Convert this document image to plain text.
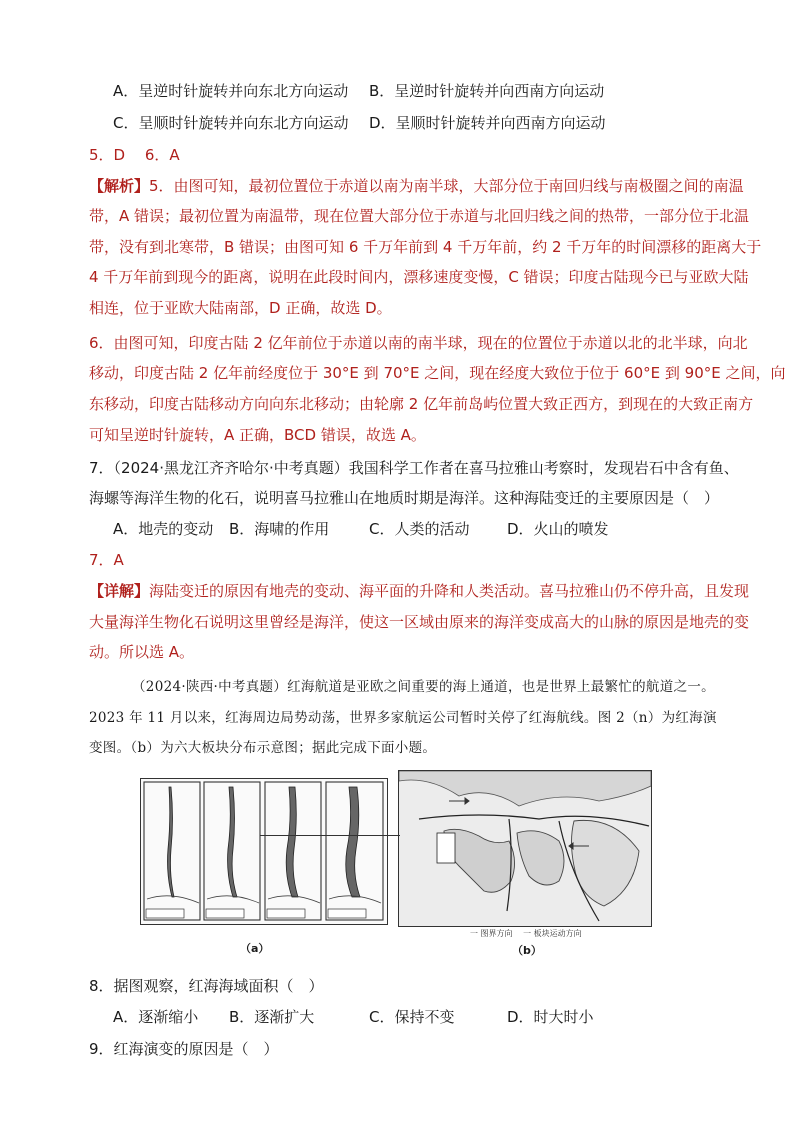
A．呈逆时针旋转并向东北方向运动 B．呈逆时针旋转并向西南方向运动
C．呈顺时针旋转并向东北方向运动 D．呈顺时针旋转并向西南方向运动
5．D　 6．A
【解析】5．由图可知，最初位置位于赤道以南为南半球，大部分位于南回归线与南极圈之间的南温
带，A 错误；最初位置为南温带，现在位置大部分位于赤道与北回归线之间的热带，一部分位于北温
带，没有到北寒带，B 错误；由图可知 6 千万年前到 4 千万年前，约 2 千万年的时间漂移的距离大于
4 千万年前到现今的距离，说明在此段时间内，漂移速度变慢，C 错误；印度古陆现今已与亚欧大陆
相连，位于亚欧大陆南部，D 正确，故选 D。
6．由图可知，印度古陆 2 亿年前位于赤道以南的南半球，现在的位置位于赤道以北的北半球，向北
移动，印度古陆 2 亿年前经度位于 30°E 到 70°E 之间，现在经度大致位于位于 60°E 到 90°E 之间，向
东移动，印度古陆移动方向向东北移动；由轮廓 2 亿年前岛屿位置大致正西方，到现在的大致正南方
可知呈逆时针旋转，A 正确，BCD 错误，故选 A。
7．（2024·黑龙江齐齐哈尔·中考真题）我国科学工作者在喜马拉雅山考察时，发现岩石中含有鱼、
海螺等海洋生物的化石，说明喜马拉雅山在地质时期是海洋。这种海陆变迁的主要原因是（　）
A．地壳的变动 B．海啸的作用	C．人类的活动	D．火山的喷发
7．A
【详解】海陆变迁的原因有地壳的变动、海平面的升降和人类活动。喜马拉雅山仍不停升高，且发现
大量海洋生物化石说明这里曾经是海洋，使这一区域由原来的海洋变成高大的山脉的原因是地壳的变
动。所以选 A。
（2024·陕西·中考真题）红海航道是亚欧之间重要的海上通道，也是世界上最繁忙的航道之一。
2023 年 11 月以来，红海周边局势动荡，世界多家航运公司暂时关停了红海航线。图 2（n）为红海演
变图。（b）为六大板块分布示意图；据此完成下面小题。
（a）	（b）
一 图界方向　 一 板块运动方向
8．据图观察，红海海域面积（　）
A．逐渐缩小 B．逐渐扩大	C．保持不变	D．时大时小
9．红海演变的原因是（　）
